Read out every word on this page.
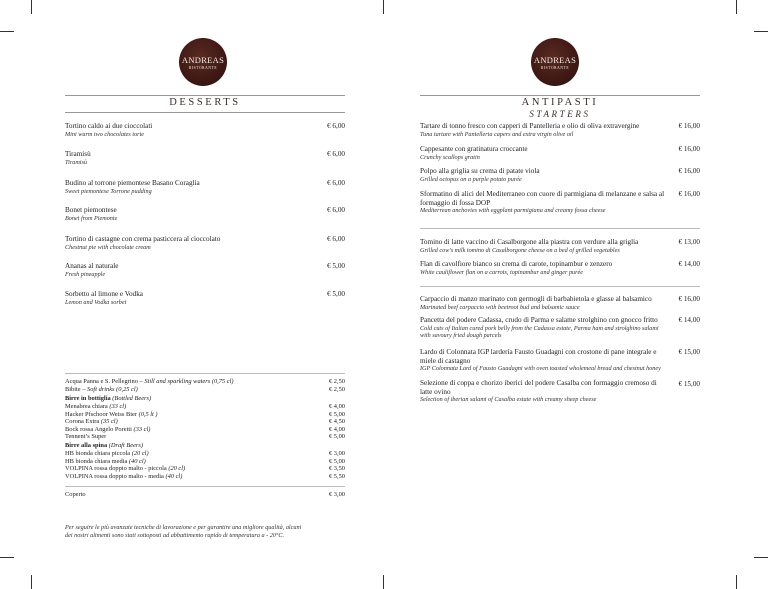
ANDREAS
RISTORANTE
ANDREAS
RISTORANTE
DESSERTS
Tortino caldo ai due cioccolati
Mini warm two chocolates torte
€ 6,00
Tiramisù
Tiramisù
€ 6,00
Budino al torrone piemontese Basano Coraglia
Sweet piemontese Torrone pudding
€ 6,00
Bonet piemontese
Bonet from Piemonte
€ 6,00
Tortino di castagne con crema pasticcera al cioccolato
Chestnut pie with chocolate cream
€ 6,00
Ananas al naturale
Fresh pineapple
€ 5,00
Sorbetto al limone e Vodka
Lemon and Vodka sorbet
€ 5,00
Acqua Panna e S. Pellegrino – Still and sparkling waters (0,75 cl)	€ 2,50
Bibite – Soft drinks (0,25 cl)	€ 2,50
Birre in bottiglia (Bottled Beers)
Menabrea chiara (33 cl)	€ 4,00
Hacker Pfschoor Weiss Bier (0,5 lt )	€ 5,00
Corona Extra (35 cl)	€ 4,50
Bock rossa Angelo Poretti (33 cl)	€ 4,00
Tennent’s Super	€ 5,00
Birre alla spina (Draft Beers)
HB bionda chiara piccola (20 cl)	€ 3,00
HB bionda chiara media (40 cl)	€ 5,00
VOLPINA rossa doppio malto - piccola (20 cl)	€ 3,50
VOLPINA rossa doppio malto - media (40 cl)	€ 5,50
Coperto	€ 3,00
Per seguire le più avanzate tecniche di lavorazione e per garantire una migliore qualità, alcuni
dei nostri alimenti sono stati sottoposti ad abbattimento rapido di temperatura a - 20°C.
ANTIPASTI
STARTERS
Tartare di tonno fresco con capperi di Pantelleria e olio di oliva extravergine
Tuna tartare with Pantelleria capers and extra virgin olive oil
€ 16,00
Cappesante con gratinatura croccante
Crunchy scallops gratin
€ 16,00
Polpo alla griglia su crema di patate viola
Grilled octopus on a purple potato purée
€ 16,00
Sformatino di alici del Mediterraneo con cuore di parmigiana di melanzane e salsa al formaggio di fossa DOP
Mediterrean anchovies with eggplant parmigiana and creamy fossa cheese
€ 16,00
Tomino di latte vaccino di Casalborgone alla piastra con verdure alla griglia
Grilled cow's milk tomino di Casalborgone cheese on a bed of grilled vegetables
€ 13,00
Flan di cavolfiore bianco su crema di carote, topinambur e zenzero
White cauliflower flan on a carrots, topinambur and ginger purée
€ 14,00
Carpaccio di manzo marinato con germogli di barbabietola e glasse al balsamico
Marinated beef carpaccio with beetroot bud and balsamic sauce
€ 16,00
Pancetta del podere Cadassa, crudo di Parma e salame strolghino con gnocco fritto
Cold cuts of Italian cured pork belly from the Cadassa estate, Parma ham and strolghino salami with savoury fried dough parcels
€ 14,00
Lardo di Colonnata IGP lardería Fausto Guadagni con crostone di pane integrale e miele di castagno
IGP Colonnata Lard of Fausto Guadagni with oven toasted wholemeal bread and chestnut honey
€ 15,00
Selezione di coppa e chorizo iberici del podere Casalba con formaggio cremoso di latte ovino
Selection of iberian salami of Casalba estate with creamy sheep cheese
€ 15,00
